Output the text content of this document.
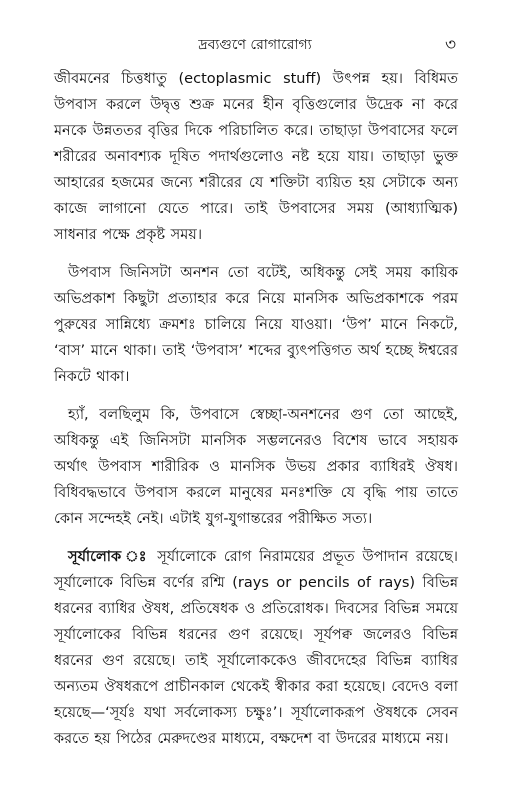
দ্রব্যগুণে রোগারোগ্য	৩

জীবমনের চিত্তধাতু (ectoplasmic stuff) উৎপন্ন হয়। বিধিমত উপবাস করলে উদ্বৃত্ত শুক্র মনের হীন বৃত্তিগুলোর উদ্রেক না করে মনকে উন্নততর বৃত্তির দিকে পরিচালিত করে। তাছাড়া উপবাসের ফলে শরীরের অনাবশ্যক দূষিত পদার্থগুলোও নষ্ট হয়ে যায়। তাছাড়া ভুক্ত আহারের হজমের জন্যে শরীরের যে শক্তিটা ব্যয়িত হয় সেটাকে অন্য কাজে লাগানো যেতে পারে। তাই উপবাসের সময় (আধ্যাত্মিক) সাধনার পক্ষে প্রকৃষ্ট সময়।

উপবাস জিনিসটা অনশন তো বটেই, অধিকন্তু সেই সময় কায়িক অভিপ্রকাশ কিছুটা প্রত্যাহার করে নিয়ে মানসিক অভিপ্রকাশকে পরম পুরুষের সান্নিধ্যে ক্রমশঃ চালিয়ে নিয়ে যাওয়া। ‘উপ’ মানে নিকটে, ‘বাস’ মানে থাকা। তাই ‘উপবাস’ শব্দের ব্যুৎপত্তিগত অর্থ হচ্ছে ঈশ্বরের নিকটে থাকা।

হ্যাঁ, বলছিলুম কি, উপবাসে স্বেচ্ছা-অনশনের গুণ তো আছেই, অধিকন্তু এই জিনিসটা মানসিক সম্ভলনেরও বিশেষ ভাবে সহায়ক অর্থাৎ উপবাস শারীরিক ও মানসিক উভয় প্রকার ব্যাধিরই ঔষধ। বিধিবদ্ধভাবে উপবাস করলে মানুষের মনঃশক্তি যে বৃদ্ধি পায় তাতে কোন সন্দেহই নেই। এটাই যুগ-যুগান্তরের পরীক্ষিত সত্য।

সূর্যালোক ঃ সূর্যালোকে রোগ নিরাময়ের প্রভূত উপাদান রয়েছে। সূর্যালোকে বিভিন্ন বর্ণের রশ্মি (rays or pencils of rays) বিভিন্ন ধরনের ব্যাধির ঔষধ, প্রতিষেধক ও প্রতিরোধক। দিবসের বিভিন্ন সময়ে সূর্যালোকের বিভিন্ন ধরনের গুণ রয়েছে। সূর্যপক্ব জলেরও বিভিন্ন ধরনের গুণ রয়েছে। তাই সূর্যালোককেও জীবদেহের বিভিন্ন ব্যাধির অন্যতম ঔষধরূপে প্রাচীনকাল থেকেই স্বীকার করা হয়েছে। বেদেও বলা হয়েছে—‘সূর্যঃ যথা সর্বলোকস্য চক্ষুঃ’। সূর্যালোকরূপ ঔষধকে সেবন করতে হয় পিঠের মেরুদণ্ডের মাধ্যমে, বক্ষদেশ বা উদরের মাধ্যমে নয়।
